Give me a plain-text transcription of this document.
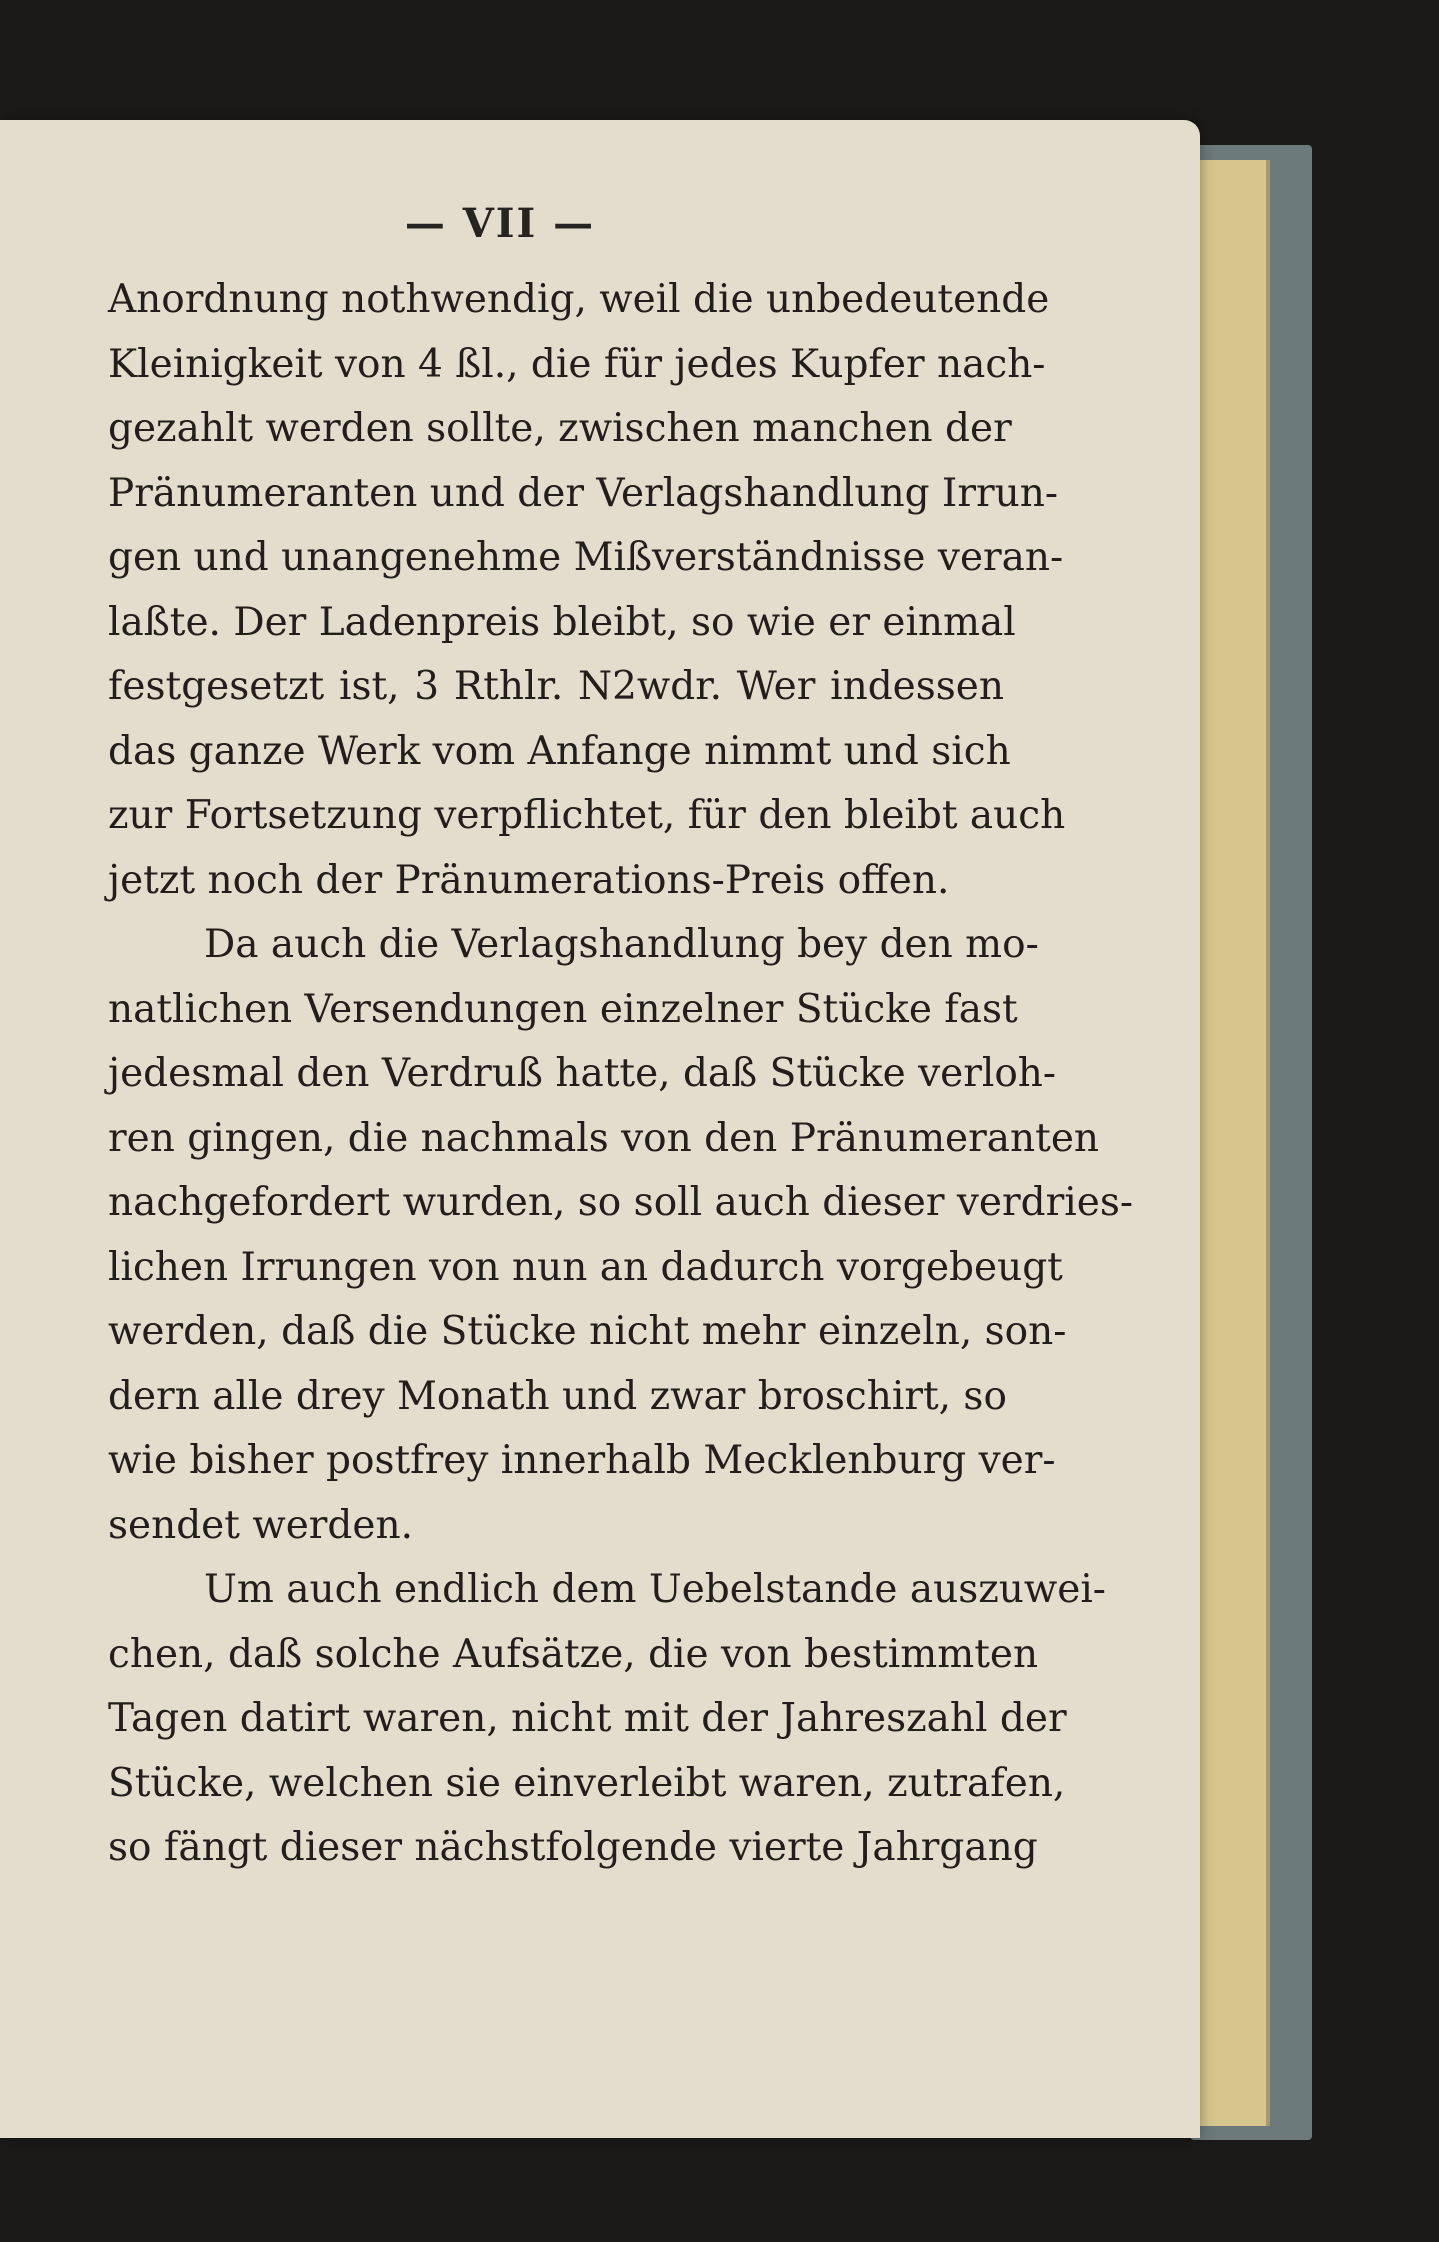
— VII —
Anordnung nothwendig, weil die unbedeutende
Kleinigkeit von 4 ßl., die für jedes Kupfer nach-
gezahlt werden sollte, zwischen manchen der
Pränumeranten und der Verlagshandlung Irrun-
gen und unangenehme Mißverständnisse veran-
laßte. Der Ladenpreis bleibt, so wie er einmal
festgesetzt ist, 3 Rthlr. N2wdr. Wer indessen
das ganze Werk vom Anfange nimmt und sich
zur Fortsetzung verpflichtet, für den bleibt auch
jetzt noch der Pränumerations-Preis offen.
Da auch die Verlagshandlung bey den mo-
natlichen Versendungen einzelner Stücke fast
jedesmal den Verdruß hatte, daß Stücke verloh-
ren gingen, die nachmals von den Pränumeranten
nachgefordert wurden, so soll auch dieser verdries-
lichen Irrungen von nun an dadurch vorgebeugt
werden, daß die Stücke nicht mehr einzeln, son-
dern alle drey Monath und zwar broschirt, so
wie bisher postfrey innerhalb Mecklenburg ver-
sendet werden.
Um auch endlich dem Uebelstande auszuwei-
chen, daß solche Aufsätze, die von bestimmten
Tagen datirt waren, nicht mit der Jahreszahl der
Stücke, welchen sie einverleibt waren, zutrafen,
so fängt dieser nächstfolgende vierte Jahrgang
